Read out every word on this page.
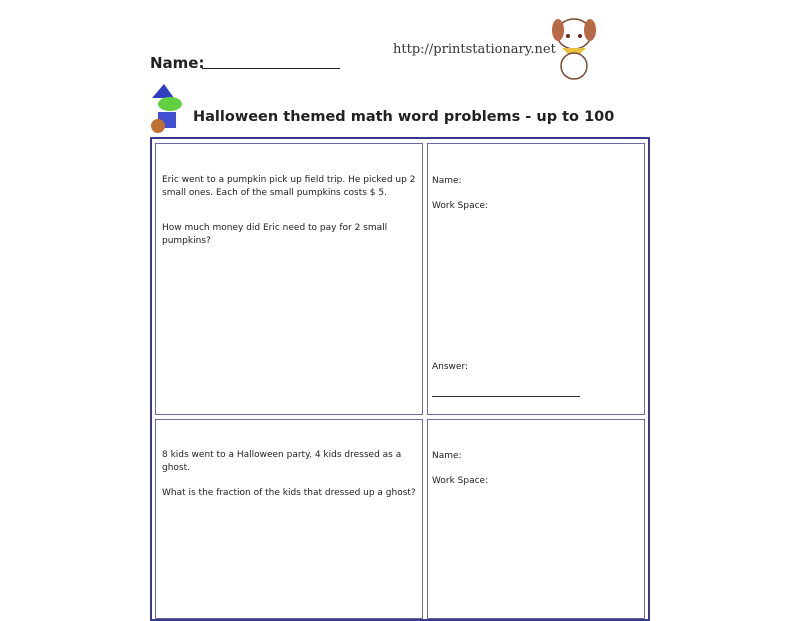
Name:
http://printstationary.net
Halloween themed math word problems - up to 100

Eric went to a pumpkin pick up field trip. He picked up 2 small ones. Each of the small pumpkins costs $ 5.

How much money did Eric need to pay for 2 small pumpkins?

Name:
Work Space:
Answer:

8 kids went to a Halloween party. 4 kids dressed as a ghost.

What is the fraction of the kids that dressed up a ghost?

Name:
Work Space:
